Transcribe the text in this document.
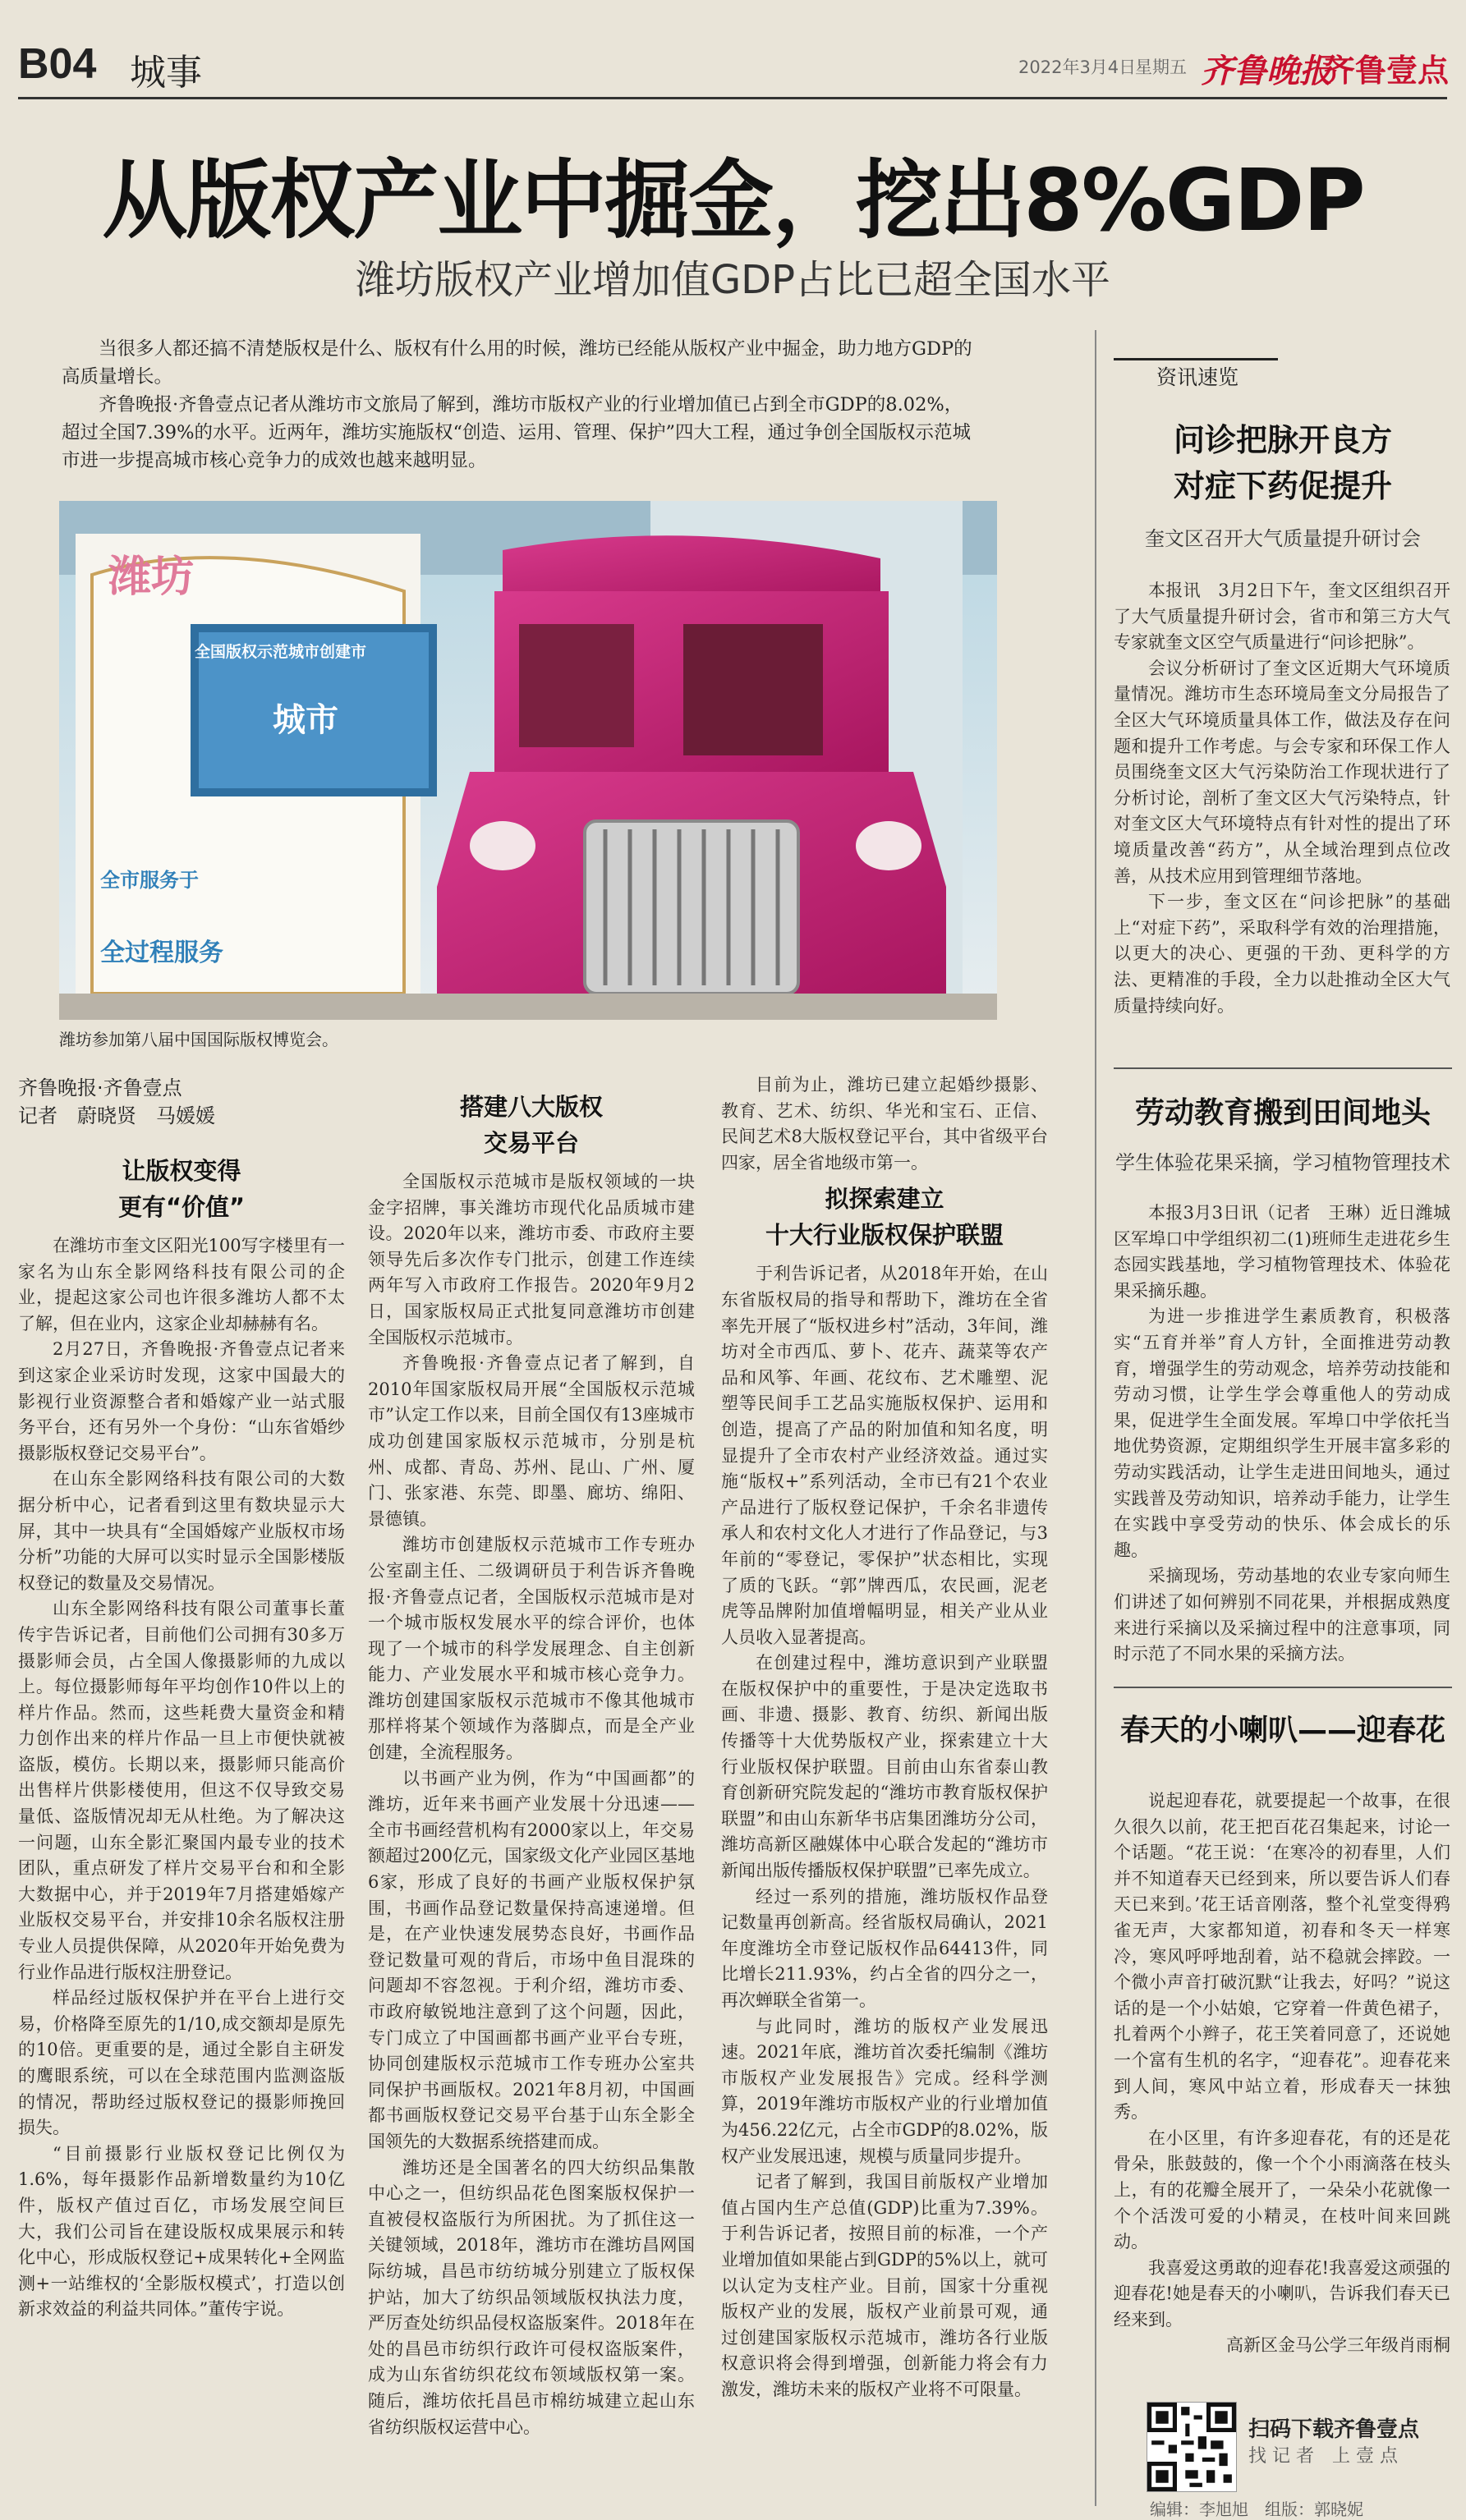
B04 城事	2022年3月4日
星期五 齐鲁晚报
齐鲁壹点
从版权产业中掘金，挖出8%GDP
潍坊版权产业增加值GDP占比已超全国水平

当很多人都还搞不清楚版权是什么、版权有什么用的时候，潍坊已经能从版权产业中掘金，助力地方GDP的高质量增长。

齐鲁晚报·齐鲁壹点记者从潍坊市文旅局了解到，潍坊市版权产业的行业增加值已占到全市GDP的8.02%，超过全国7.39%的水平。近两年，潍坊实施版权“创造、运用、管理、保护”四大工程，通过争创全国版权示范城市进一步提高城市核心竞争力的成效也越来越明显。

潍坊
全国版权示范城市创建市
城市
全市服务于
全过程服务
潍坊参加第八届中国国际版权博览会。
齐鲁晚报·齐鲁壹点
记者　蔚晓贤　马媛媛
让版权变得
更有“价值”

在潍坊市奎文区阳光100写字楼里有一家名为山东全影网络科技有限公司的企业，提起这家公司也许很多潍坊人都不太了解，但在业内，这家企业却赫赫有名。

2月27日，齐鲁晚报·齐鲁壹点记者来到这家企业采访时发现，这家中国最大的影视行业资源整合者和婚嫁产业一站式服务平台，还有另外一个身份：“山东省婚纱摄影版权登记交易平台”。

在山东全影网络科技有限公司的大数据分析中心，记者看到这里有数块显示大屏，其中一块具有“全国婚嫁产业版权市场分析”功能的大屏可以实时显示全国影楼版权登记的数量及交易情况。

山东全影网络科技有限公司董事长董传宇告诉记者，目前他们公司拥有30多万摄影师会员，占全国人像摄影师的九成以上。每位摄影师每年平均创作10件以上的样片作品。然而，这些耗费大量资金和精力创作出来的样片作品一旦上市便快就被盗版，模仿。长期以来，摄影师只能高价出售样片供影楼使用，但这不仅导致交易量低、盗版情况却无从杜绝。为了解决这一问题，山东全影汇聚国内最专业的技术团队，重点研发了样片交易平台和和全影大数据中心，并于2019年7月搭建婚嫁产业版权交易平台，并安排10余名版权注册专业人员提供保障，从2020年开始免费为行业作品进行版权注册登记。

样品经过版权保护并在平台上进行交易，价格降至原先的1/10,成交额却是原先的10倍。更重要的是，通过全影自主研发的鹰眼系统，可以在全球范围内监测盗版的情况，帮助经过版权登记的摄影师挽回损失。

“目前摄影行业版权登记比例仅为1.6%，每年摄影作品新增数量约为10亿件，版权产值过百亿，市场发展空间巨大，我们公司旨在建设版权成果展示和转化中心，形成版权登记+成果转化+全网监测+一站维权的‘全影版权模式’，打造以创新求效益的利益共同体。”董传宇说。

搭建八大版权
交易平台

全国版权示范城市是版权领域的一块金字招牌，事关潍坊市现代化品质城市建设。2020年以来，潍坊市委、市政府主要领导先后多次作专门批示，创建工作连续两年写入市政府工作报告。2020年9月2日，国家版权局正式批复同意潍坊市创建全国版权示范城市。

齐鲁晚报·齐鲁壹点记者了解到，自2010年国家版权局开展“全国版权示范城市”认定工作以来，目前全国仅有13座城市成功创建国家版权示范城市，分别是杭州、成都、青岛、苏州、昆山、广州、厦门、张家港、东莞、即墨、廊坊、绵阳、景德镇。

潍坊市创建版权示范城市工作专班办公室副主任、二级调研员于利告诉齐鲁晚报·齐鲁壹点记者，全国版权示范城市是对一个城市版权发展水平的综合评价，也体现了一个城市的科学发展理念、自主创新能力、产业发展水平和城市核心竞争力。潍坊创建国家版权示范城市不像其他城市那样将某个领域作为落脚点，而是全产业创建，全流程服务。

以书画产业为例，作为“中国画都”的潍坊，近年来书画产业发展十分迅速——全市书画经营机构有2000家以上，年交易额超过200亿元，国家级文化产业园区基地6家，形成了良好的书画产业版权保护氛围，书画作品登记数量保持高速递增。但是，在产业快速发展势态良好，书画作品登记数量可观的背后，市场中鱼目混珠的问题却不容忽视。于利介绍，潍坊市委、市政府敏锐地注意到了这个问题，因此，专门成立了中国画都书画产业平台专班，协同创建版权示范城市工作专班办公室共同保护书画版权。2021年8月初，中国画都书画版权登记交易平台基于山东全影全国领先的大数据系统搭建而成。

潍坊还是全国著名的四大纺织品集散中心之一，但纺织品花色图案版权保护一直被侵权盗版行为所困扰。为了抓住这一关键领域，2018年，潍坊市在潍坊昌网国际纺城，昌邑市纺纺城分别建立了版权保护站，加大了纺织品领域版权执法力度，严厉查处纺织品侵权盗版案件。2018年在处的昌邑市纺织行政许可侵权盗版案件，成为山东省纺织花纹布领域版权第一案。随后，潍坊依托昌邑市棉纺城建立起山东省纺织版权运营中心。

目前为止，潍坊已建立起婚纱摄影、教育、艺术、纺织、华光和宝石、正信、民间艺术8大版权登记平台，其中省级平台四家，居全省地级市第一。

拟探索建立
十大行业版权保护联盟

于利告诉记者，从2018年开始，在山东省版权局的指导和帮助下，潍坊在全省率先开展了“版权进乡村”活动，3年间，潍坊对全市西瓜、萝卜、花卉、蔬菜等农产品和风筝、年画、花纹布、艺术雕塑、泥塑等民间手工艺品实施版权保护、运用和创造，提高了产品的附加值和知名度，明显提升了全市农村产业经济效益。通过实施“版权+”系列活动，全市已有21个农业产品进行了版权登记保护，千余名非遗传承人和农村文化人才进行了作品登记，与3年前的“零登记，零保护”状态相比，实现了质的飞跃。“郭”牌西瓜，农民画，泥老虎等品牌附加值增幅明显，相关产业从业人员收入显著提高。

在创建过程中，潍坊意识到产业联盟在版权保护中的重要性，于是决定选取书画、非遗、摄影、教育、纺织、新闻出版传播等十大优势版权产业，探索建立十大行业版权保护联盟。目前由山东省泰山教育创新研究院发起的“潍坊市教育版权保护联盟”和由山东新华书店集团潍坊分公司，潍坊高新区融媒体中心联合发起的“潍坊市新闻出版传播版权保护联盟”已率先成立。

经过一系列的措施，潍坊版权作品登记数量再创新高。经省版权局确认，2021年度潍坊全市登记版权作品64413件，同比增长211.93%，约占全省的四分之一，再次蝉联全省第一。

与此同时，潍坊的版权产业发展迅速。2021年底，潍坊首次委托编制《潍坊市版权产业发展报告》完成。经科学测算，2019年潍坊市版权产业的行业增加值为456.22亿元，占全市GDP的8.02%，版权产业发展迅速，规模与质量同步提升。

记者了解到，我国目前版权产业增加值占国内生产总值(GDP)比重为7.39%。于利告诉记者，按照目前的标准，一个产业增加值如果能占到GDP的5%以上，就可以认定为支柱产业。目前，国家十分重视版权产业的发展，版权产业前景可观，通过创建国家版权示范城市，潍坊各行业版权意识将会得到增强，创新能力将会有力激发，潍坊未来的版权产业将不可限量。

资讯速览
问诊把脉开良方
对症下药促提升
奎文区召开大气质量提升研讨会

本报讯　3月2日下午，奎文区组织召开了大气质量提升研讨会，省市和第三方大气专家就奎文区空气质量进行“问诊把脉”。

会议分析研讨了奎文区近期大气环境质量情况。潍坊市生态环境局奎文分局报告了全区大气环境质量具体工作，做法及存在问题和提升工作考虑。与会专家和环保工作人员围绕奎文区大气污染防治工作现状进行了分析讨论，剖析了奎文区大气污染特点，针对奎文区大气环境特点有针对性的提出了环境质量改善“药方”，从全域治理到点位改善，从技术应用到管理细节落地。

下一步，奎文区在“问诊把脉”的基础上“对症下药”，采取科学有效的治理措施，以更大的决心、更强的干劲、更科学的方法、更精准的手段，全力以赴推动全区大气质量持续向好。

劳动教育搬到田间地头
学生体验花果采摘，学习植物管理技术

本报3月3日讯（记者　王琳）近日潍城区军埠口中学组织初二(1)班师生走进花乡生态园实践基地，学习植物管理技术、体验花果采摘乐趣。

为进一步推进学生素质教育，积极落实“五育并举”育人方针，全面推进劳动教育，增强学生的劳动观念，培养劳动技能和劳动习惯，让学生学会尊重他人的劳动成果，促进学生全面发展。军埠口中学依托当地优势资源，定期组织学生开展丰富多彩的劳动实践活动，让学生走进田间地头，通过实践普及劳动知识，培养动手能力，让学生在实践中享受劳动的快乐、体会成长的乐趣。

采摘现场，劳动基地的农业专家向师生们讲述了如何辨别不同花果，并根据成熟度来进行采摘以及采摘过程中的注意事项，同时示范了不同水果的采摘方法。

春天的小喇叭——迎春花

说起迎春花，就要提起一个故事，在很久很久以前，花王把百花召集起来，讨论一个话题。“花王说：‘在寒冷的初春里，人们并不知道春天已经到来，所以要告诉人们春天已来到。’花王话音刚落，整个礼堂变得鸦雀无声，大家都知道，初春和冬天一样寒冷，寒风呼呼地刮着，站不稳就会摔跤。一个微小声音打破沉默“让我去，好吗？”说这话的是一个小姑娘，它穿着一件黄色裙子，扎着两个小辫子，花王笑着同意了，还说她一个富有生机的名字，“迎春花”。迎春花来到人间，寒风中站立着，形成春天一抹独秀。

在小区里，有许多迎春花，有的还是花骨朵，胀鼓鼓的，像一个个小雨滴落在枝头上，有的花瓣全展开了，一朵朵小花就像一个个活泼可爱的小精灵，在枝叶间来回跳动。

我喜爱这勇敢的迎春花!我喜爱这顽强的迎春花!她是春天的小喇叭，告诉我们春天已经来到。

高新区金马公学三年级肖雨桐
扫码下载齐鲁壹点
找 记 者　上 壹 点
编辑：李旭旭　组版：郭晓妮
